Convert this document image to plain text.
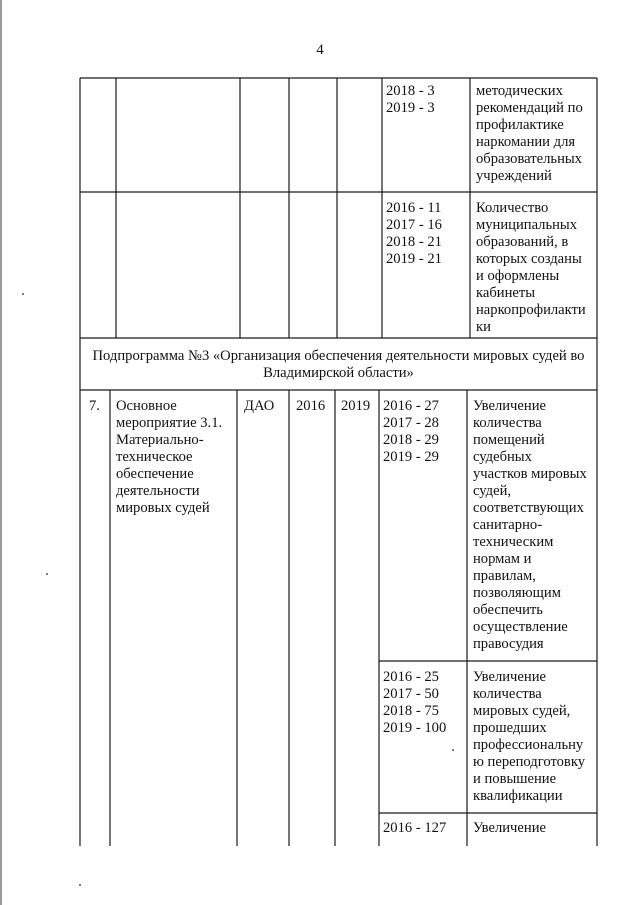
4
2018 - 3
2019 - 3
методических
рекомендаций по
профилактике
наркомании для
образовательных
учреждений
2016 - 11
2017 - 16
2018 - 21
2019 - 21
Количество
муниципальных
образований, в
которых созданы
и оформлены
кабинеты
наркопрофилакти
ки
Подпрограмма №3 «Организация обеспечения деятельности мировых судей во
Владимирской области»
7. Основное
мероприятие 3.1.
Материально-
техническое
обеспечение
деятельности
мировых судей
ДАО 2016 2019 2016 - 27
2017 - 28
2018 - 29
2019 - 29
Увеличение
количества
помещений
судебных
участков мировых
судей,
соответствующих
санитарно-
техническим
нормам и
правилам,
позволяющим
обеспечить
осуществление
правосудия
2016 - 25
2017 - 50
2018 - 75
2019 - 100
Увеличение
количества
мировых судей,
прошедших
профессиональну
ю переподготовку
и повышение
квалификации
2016 - 127 Увеличение
